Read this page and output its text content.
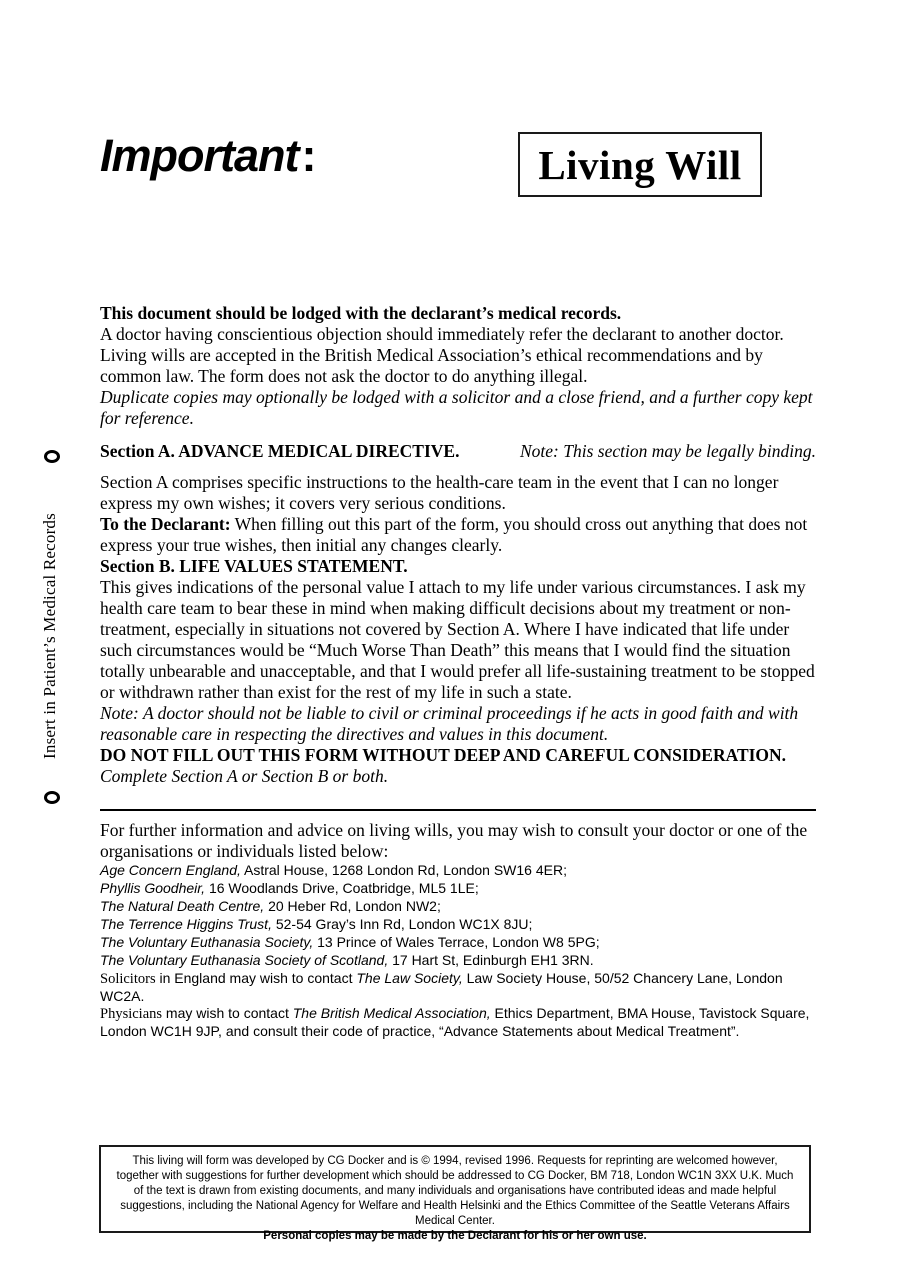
Insert in Patient’s Medical Records
Important:	Living Will

This document should be lodged with the declarant’s medical records.

A doctor having conscientious objection should immediately refer the declarant to another doctor. Living wills are accepted in the British Medical Association’s ethical recommendations and by common law. The form does not ask the doctor to do anything illegal.

Duplicate copies may optionally be lodged with a solicitor and a close friend, and a further copy kept for reference.

Section A. ADVANCE MEDICAL DIRECTIVE.	Note: This section may be legally binding.

Section A comprises specific instructions to the health-care team in the event that I can no longer express my own wishes; it covers very serious conditions.

To the Declarant: When filling out this part of the form, you should cross out anything that does not express your true wishes, then initial any changes clearly.

Section B. LIFE VALUES STATEMENT.

This gives indications of the personal value I attach to my life under various circumstances. I ask my health care team to bear these in mind when making difficult decisions about my treatment or non-treatment, especially in situations not covered by Section A. Where I have indicated that life under such circumstances would be “Much Worse Than Death” this means that I would find the situation totally unbearable and unacceptable, and that I would prefer all life-sustaining treatment to be stopped or withdrawn rather than exist for the rest of my life in such a state.

Note: A doctor should not be liable to civil or criminal proceedings if he acts in good faith and with reasonable care in respecting the directives and values in this document.

DO NOT FILL OUT THIS FORM WITHOUT DEEP AND CAREFUL CONSIDERATION.

Complete Section A or Section B or both.

For further information and advice on living wills, you may wish to consult your doctor or one of the organisations or individuals listed below:

Age Concern England, Astral House, 1268 London Rd, London SW16 4ER;
Phyllis Goodheir, 16 Woodlands Drive, Coatbridge, ML5 1LE;
The Natural Death Centre, 20 Heber Rd, London NW2;
The Terrence Higgins Trust, 52-54 Gray’s Inn Rd, London WC1X 8JU;
The Voluntary Euthanasia Society, 13 Prince of Wales Terrace, London W8 5PG;
The Voluntary Euthanasia Society of Scotland, 17 Hart St, Edinburgh EH1 3RN.
Solicitors in England may wish to contact The Law Society, Law Society House, 50/52 Chancery Lane, London WC2A.
Physicians may wish to contact The British Medical Association, Ethics Department, BMA House, Tavistock Square, London WC1H 9JP, and consult their code of practice, “Advance Statements about Medical Treatment”.

This living will form was developed by CG Docker and is © 1994, revised 1996. Requests for reprinting are welcomed however, together with suggestions for further development which should be addressed to CG Docker, BM 718, London WC1N 3XX U.K. Much of the text is drawn from existing documents, and many individuals and organisations have contributed ideas and made helpful suggestions, including the National Agency for Welfare and Health Helsinki and the Ethics Committee of the Seattle Veterans Affairs Medical Center.

Personal copies may be made by the Declarant for his or her own use.
